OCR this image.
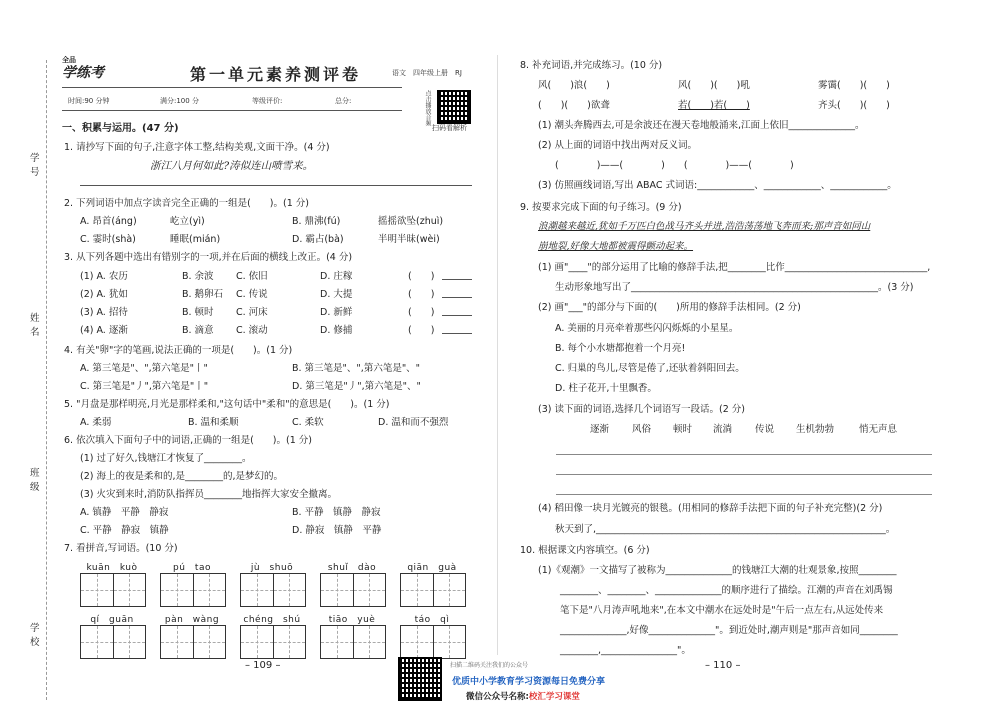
学 号
姓 名
班 级
学 校
全品
学练考	第一单元素养测评卷	语文　四年级上册　RJ
扫码看解析
点击播放音频
时间:90 分钟	满分:100 分	等级评价:	总分:
一、积累与运用。(47 分)
1. 请抄写下面的句子,注意字体工整,结构美观,文面干净。(4 分)
浙江八月何如此?涛似连山喷雪来。
2. 下列词语中加点字读音完全正确的一组是(　　)。(1 分)
A. 昂首(áng)	屹立(yì)	B. 鼎沸(fú)	摇摇欲坠(zhuì)
C. 霎时(shà)	睡眠(mián)	D. 霸占(bà)	半明半昧(wèi)
3. 从下列各题中选出有错别字的一项,并在后面的横线上改正。(4 分)
(1) A. 农历	B. 余波 C. 依旧	D. 庄稼	(　　)
(2) A. 犹如	B. 鹅卵石 C. 传说	D. 大提	(　　)
(3) A. 招待	B. 顿时 C. 河床	D. 新鲜	(　　)
(4) A. 逐渐	B. 滴意 C. 滚动	D. 修捕	(　　)
4. 有关"卵"字的笔画,说法正确的一项是(　　)。(1 分)
A. 第三笔是"、",第六笔是"丨"	B. 第三笔是"、",第六笔是"、"
C. 第三笔是"丿",第六笔是"丨"	D. 第三笔是"丿",第六笔是"、"
5. "月盘是那样明亮,月光是那样柔和,"这句话中"柔和"的意思是(　　)。(1 分)
A. 柔弱	B. 温和柔顺	C. 柔软	D. 温和而不强烈
6. 依次填入下面句子中的词语,正确的一组是(　　)。(1 分)
(1) 过了好久,钱塘江才恢复了________。
(2) 海上的夜是柔和的,是________的,是梦幻的。
(3) 火灾到来时,消防队指挥员________地指挥大家安全撤离。
A. 镇静　平静　静寂	B. 平静　镇静　静寂
C. 平静　静寂　镇静	D. 静寂　镇静　平静
7. 看拼音,写词语。(10 分)
kuān　kuò	pú　tao	jù　shuō	shuǐ　dào	qiān　guà
qí　guān	pàn　wàng	chéng　shú	tiāo　yuè	táo　qì
– 109 –	扫描二维码关注我们的公众号
优质中小学教育学习资源每日免费分享
微信公众号名称:校汇学习课堂
8. 补充词语,并完成练习。(10 分)
风(　　)浪(　　)	风(　　)(　　)吼	雾霭(　　)(　　)
(　　)(　　)欲聋	若(　　)若(　　)	齐头(　　)(　　)
(1) 潮头奔腾西去,可是余波还在漫天卷地般涌来,江面上依旧______________。
(2) 从上面的词语中找出两对反义词。
(　　　　)——(　　　　)　　(　　　　)——(　　　　)
(3) 仿照画线词语,写出 ABAC 式词语:____________、____________、____________。
9. 按要求完成下面的句子练习。(9 分)
浪潮越来越近,犹如千万匹白色战马齐头并进,浩浩荡荡地飞奔而来;那声音如同山
崩地裂,好像大地都被震得颤动起来。
(1) 画"____"的部分运用了比喻的修辞手法,把________比作______________________________,
生动形象地写出了____________________________________________________。(3 分)
(2) 画"___"的部分与下面的(　　)所用的修辞手法相同。(2 分)
A. 美丽的月亮牵着那些闪闪烁烁的小星星。
B. 每个小水塘都抱着一个月亮!
C. 归巢的鸟儿,尽管是倦了,还驮着斜阳回去。
D. 柱子花开,十里飘香。
(3) 读下面的词语,选择几个词语写一段话。(2 分)
逐渐 风俗 顿时 流淌 传说 生机勃勃	悄无声息
(4) 稻田像一块月光镀亮的银毯。(用相同的修辞手法把下面的句子补充完整)(2 分)
秋天到了,_____________________________________________________________。
10. 根据课文内容填空。(6 分)
(1)《观潮》一文描写了被称为______________的钱塘江大潮的壮观景象,按照________
________、________、______________的顺序进行了描绘。江潮的声音在刘禹锡
笔下是"八月涛声吼地来",在本文中潮水在远处时是"午后一点左右,从远处传来
______________,好像______________"。到近处时,潮声则是"那声音如同________
________,________________"。
– 110 –
